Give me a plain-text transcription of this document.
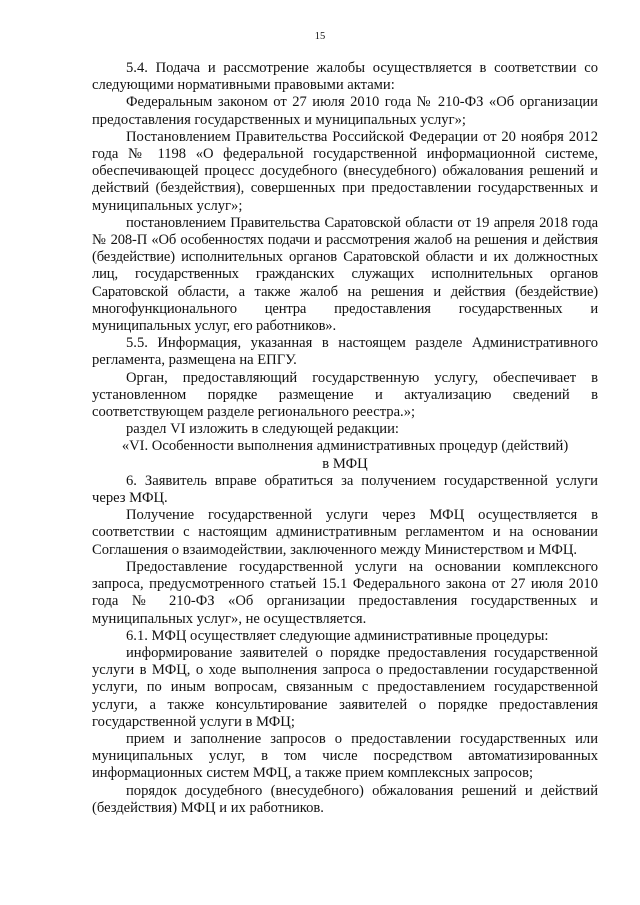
15

5.4. Подача и рассмотрение жалобы осуществляется в соответствии со следующими нормативными правовыми актами:

Федеральным законом от 27 июля 2010 года № 210-ФЗ «Об организации предоставления государственных и муниципальных услуг»;

Постановлением Правительства Российской Федерации от 20 ноября 2012 года № 1198 «О федеральной государственной информационной системе, обеспечивающей процесс досудебного (внесудебного) обжалования решений и действий (бездействия), совершенных при предоставлении государственных и муниципальных услуг»;

постановлением Правительства Саратовской области от 19 апреля 2018 года № 208-П «Об особенностях подачи и рассмотрения жалоб на решения и действия (бездействие) исполнительных органов Саратовской области и их должностных лиц, государственных гражданских служащих исполнительных органов Саратовской области, а также жалоб на решения и действия (бездействие) многофункционального центра предоставления государственных и муниципальных услуг, его работников».

5.5. Информация, указанная в настоящем разделе Административного регламента, размещена на ЕПГУ.

Орган, предоставляющий государственную услугу, обеспечивает в установленном порядке размещение и актуализацию сведений в соответствующем разделе регионального реестра.»;

раздел VI изложить в следующей редакции:

«VI. Особенности выполнения административных процедур (действий)

в МФЦ

6. Заявитель вправе обратиться за получением государственной услуги через МФЦ.

Получение государственной услуги через МФЦ осуществляется в соответствии с настоящим административным регламентом и на основании Соглашения о взаимодействии, заключенного между Министерством и МФЦ.

Предоставление государственной услуги на основании комплексного запроса, предусмотренного статьей 15.1 Федерального закона от 27 июля 2010 года № 210-ФЗ «Об организации предоставления государственных и муниципальных услуг», не осуществляется.

6.1. МФЦ осуществляет следующие административные процедуры:

информирование заявителей о порядке предоставления государственной услуги в МФЦ, о ходе выполнения запроса о предоставлении государственной услуги, по иным вопросам, связанным с предоставлением государственной услуги, а также консультирование заявителей о порядке предоставления государственной услуги в МФЦ;

прием и заполнение запросов о предоставлении государственных или муниципальных услуг, в том числе посредством автоматизированных информационных систем МФЦ, а также прием комплексных запросов;

порядок досудебного (внесудебного) обжалования решений и действий (бездействия) МФЦ и их работников.
